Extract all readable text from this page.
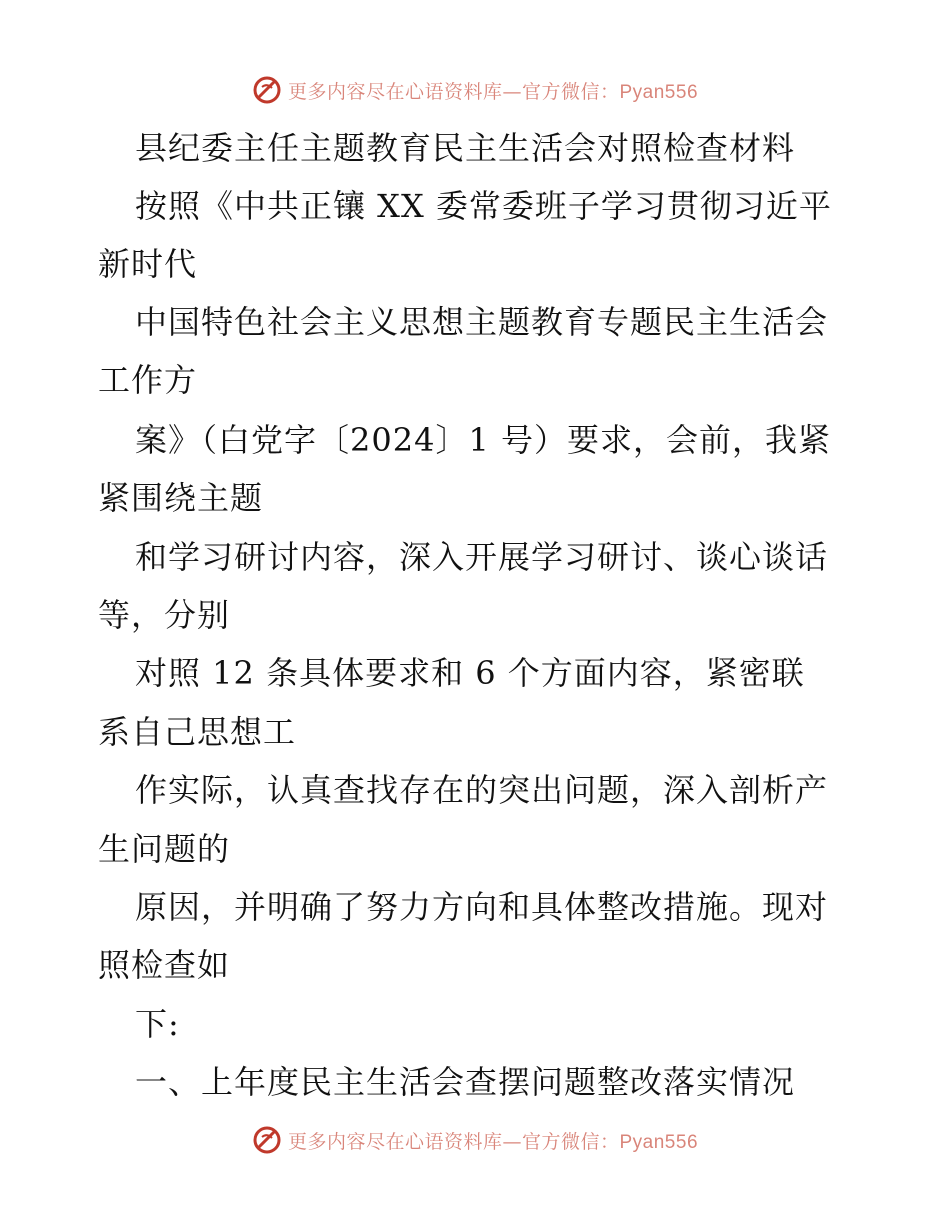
更多内容尽在心语资料库—官方微信：Pyan556
县纪委主任主题教育民主生活会对照检查材料
按照《中共正镶 XX 委常委班子学习贯彻习近平
新时代
中国特色社会主义思想主题教育专题民主生活会
工作方
案》（白党字〔2024〕1 号）要求，会前，我紧
紧围绕主题
和学习研讨内容，深入开展学习研讨、谈心谈话
等，分别
对照 12 条具体要求和 6 个方面内容，紧密联
系自己思想工
作实际，认真查找存在的突出问题，深入剖析产
生问题的
原因，并明确了努力方向和具体整改措施。现对
照检查如
下:
一、上年度民主生活会查摆问题整改落实情况
更多内容尽在心语资料库—官方微信：Pyan556
